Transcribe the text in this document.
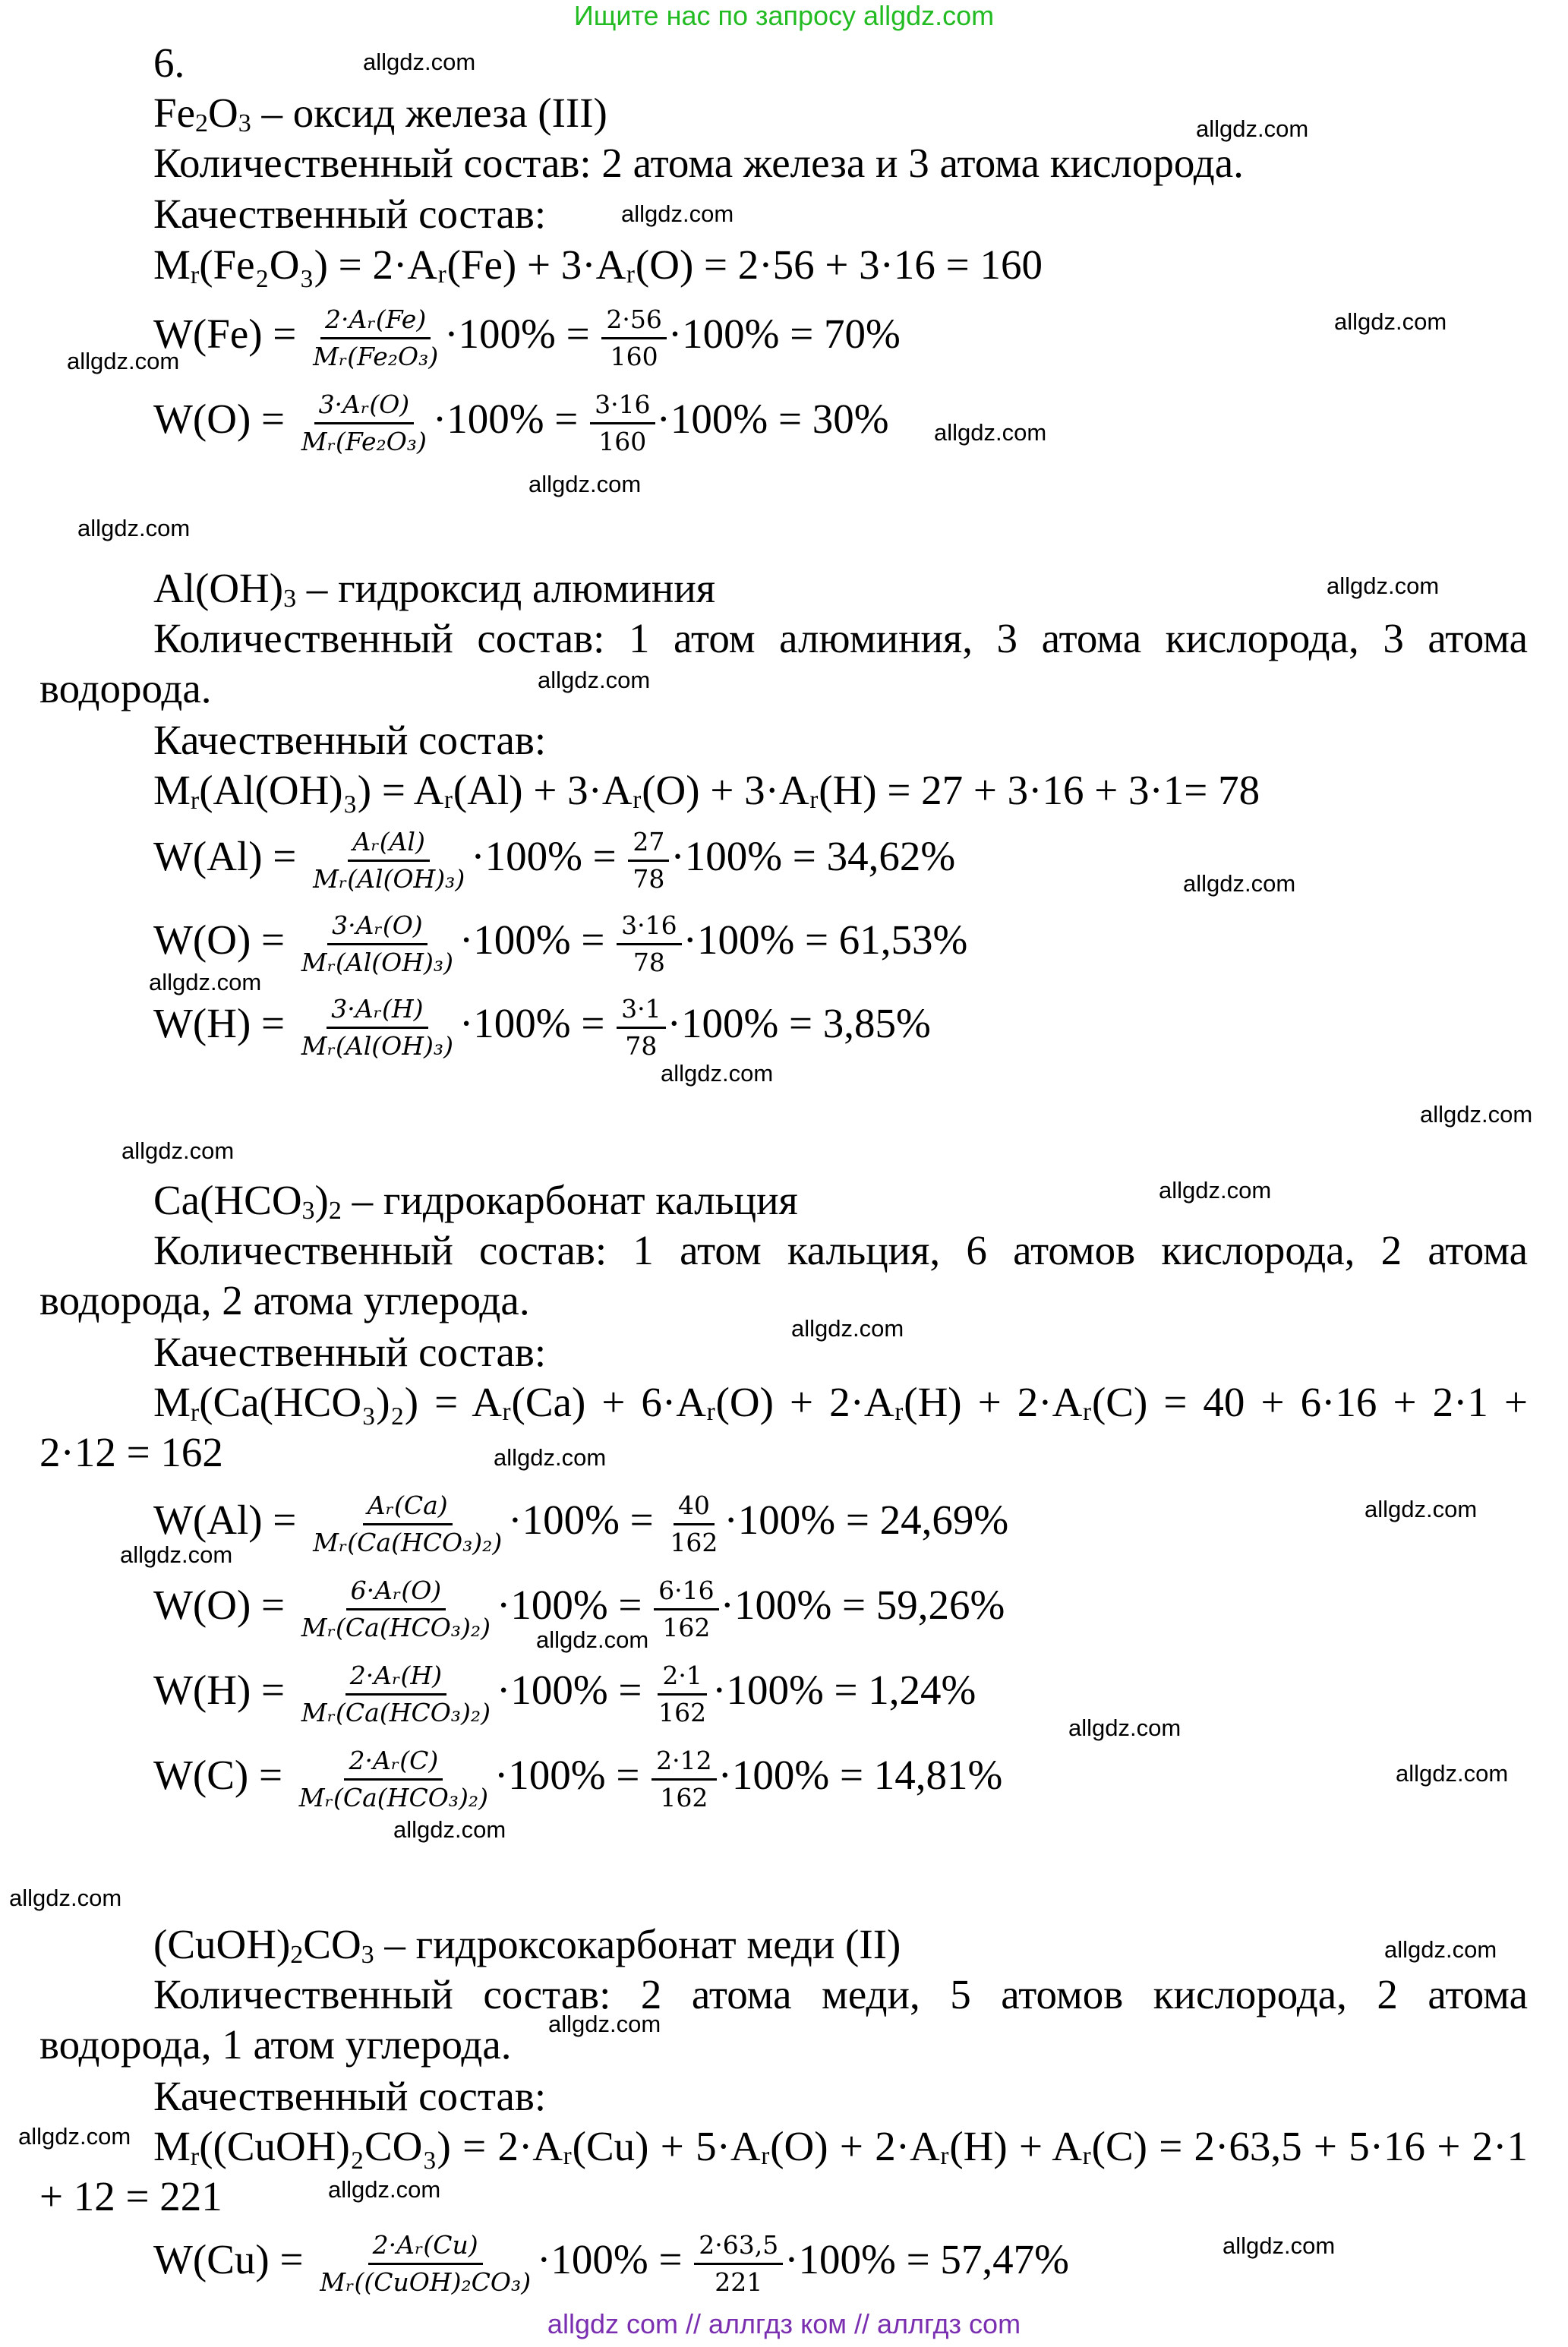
Ищите нас по запросу allgdz.com
6.
$Fe_2O_3$ – оксид железа (III)
Количественный состав: 2 атома железа и 3 атома кислорода.
Качественный состав:
$M_r(Fe_2O_3)$ = 2·Aᵣ(Fe) + 3·Aᵣ(O) = 2·56 + 3·16 = 160
$W(Fe) = \frac{\text{2·Aᵣ(Fe)}}{\text{Mᵣ(Fe₂O₃)}} \cdot 100\% = \frac{2\cdot 56}{160} \cdot 100\% = 70\%$
$W(O) = \frac{\text{3·Aᵣ(O)}}{\text{Mᵣ(Fe₂O₃)}} \cdot 100\% = \frac{3\cdot 16}{160} \cdot 100\% = 30\%$
$Al(OH)_3$ – гидроксид алюминия
Количественный состав: 1 атом алюминия, 3 атома кислорода, 3 атома водорода.
Качественный состав:
$M_r(Al(OH)_3)$ = Aᵣ(Al) + 3·Aᵣ(O) + 3·Aᵣ(H) = 27 + 3·16 + 3·1= 78
$W(Al) = \frac{\text{Aᵣ(Al)}}{\text{Mᵣ(Al(OH)₃)}} \cdot 100\% = \frac{27}{78} \cdot 100\% = 34,62\%$
$W(O) = \frac{\text{3·Aᵣ(O)}}{\text{Mᵣ(Al(OH)₃)}} \cdot 100\% = \frac{3\cdot 16}{78} \cdot 100\% = 61,53\%$
$W(H) = \frac{\text{3·Aᵣ(H)}}{\text{Mᵣ(Al(OH)₃)}} \cdot 100\% = \frac{3\cdot 1}{78} \cdot 100\% = 3,85\%$
$Ca(HCO_3)_2$ – гидрокарбонат кальция
Количественный состав: 1 атом кальция, 6 атомов кислорода, 2 атома водорода, 2 атома углерода.
Качественный состав:
$M_r(Ca(HCO_3)_2)$ = Aᵣ(Ca) + 6·Aᵣ(O) + 2·Aᵣ(H) + 2·Aᵣ(C) = 40 + 6·16 + 2·1 + 2·12 = 162
$W(Al) = \frac{\text{Aᵣ(Ca)}}{\text{Mᵣ(Ca(HCO₃)₂)}} \cdot 100\% = \frac{40}{162} \cdot 100\% = 24,69\%$
$W(O) = \frac{\text{6·Aᵣ(O)}}{\text{Mᵣ(Ca(HCO₃)₂)}} \cdot 100\% = \frac{6\cdot 16}{162} \cdot 100\% = 59,26\%$
$W(H) = \frac{\text{2·Aᵣ(H)}}{\text{Mᵣ(Ca(HCO₃)₂)}} \cdot 100\% = \frac{2\cdot 1}{162} \cdot 100\% = 1,24\%$
$W(C) = \frac{\text{2·Aᵣ(C)}}{\text{Mᵣ(Ca(HCO₃)₂)}} \cdot 100\% = \frac{2\cdot 12}{162} \cdot 100\% = 14,81\%$
$(CuOH)_2CO_3$ – гидроксокарбонат меди (II)
Количественный состав: 2 атома меди, 5 атомов кислорода, 2 атома водорода, 1 атом углерода.
Качественный состав:
$M_r((CuOH)_2CO_3)$ = 2·Aᵣ(Cu) + 5·Aᵣ(O) + 2·Aᵣ(H) + Aᵣ(C) = 2·63,5 + 5·16 + 2·1 + 12 = 221
$W(Cu) = \frac{\text{2·Aᵣ(Cu)}}{\text{Mᵣ((CuOH)₂CO₃)}} \cdot 100\% = \frac{2\cdot 63,5}{221} \cdot 100\% = 57,47\%$
allgdz.com
allgdz.com
allgdz.com
allgdz.com
allgdz.com
allgdz.com
allgdz.com
allgdz.com
allgdz.com
allgdz.com
allgdz.com
allgdz.com
allgdz.com
allgdz.com
allgdz.com
allgdz.com
allgdz.com
allgdz.com
allgdz.com
allgdz.com
allgdz.com
allgdz.com
allgdz.com
allgdz.com
allgdz.com
allgdz.com
allgdz.com
allgdz.com
allgdz.com
allgdz.com
allgdz com // аллгдз ком // аллгдз com
